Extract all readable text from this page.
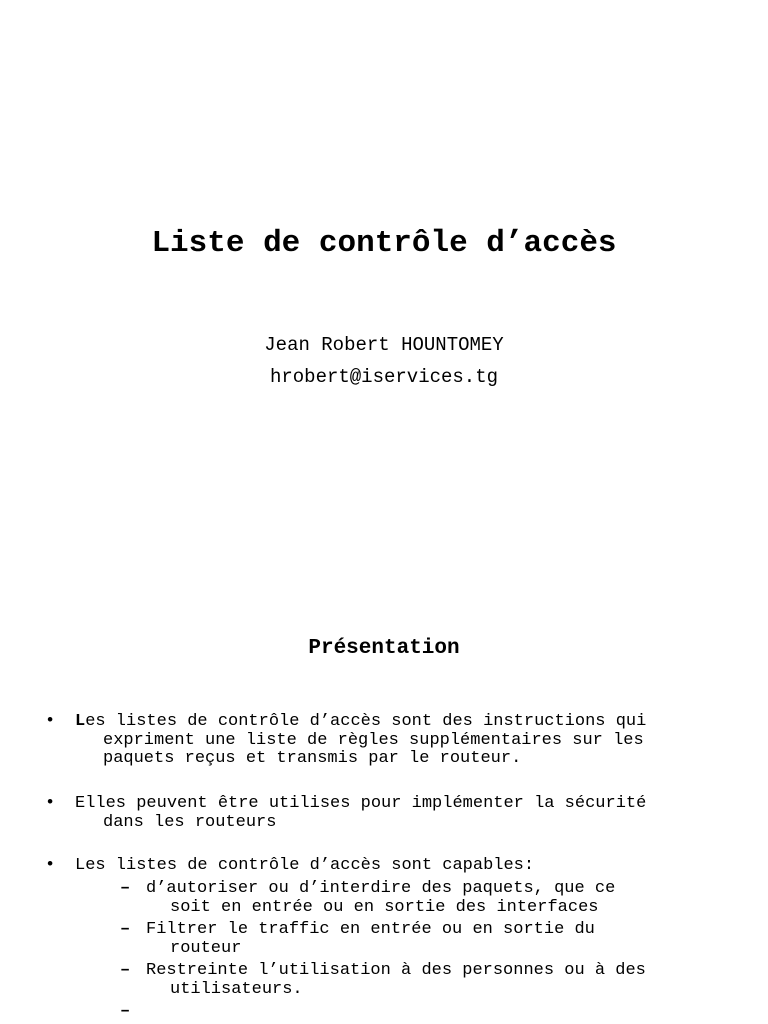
Liste de contrôle d’accès
Jean Robert HOUNTOMEY
hrobert@iservices.tg
Présentation
• Les listes de contrôle d’accès sont des instructions qui
expriment une liste de règles supplémentaires sur les
paquets reçus et transmis par le routeur.
• Elles peuvent être utilises pour implémenter la sécurité
dans les routeurs
• Les listes de contrôle d’accès sont capables:
– d’autoriser ou d’interdire des paquets, que ce
soit en entrée ou en sortie des interfaces
– Filtrer le traffic en entrée ou en sortie du
routeur
– Restreinte l’utilisation à des personnes ou à des
utilisateurs.
–
